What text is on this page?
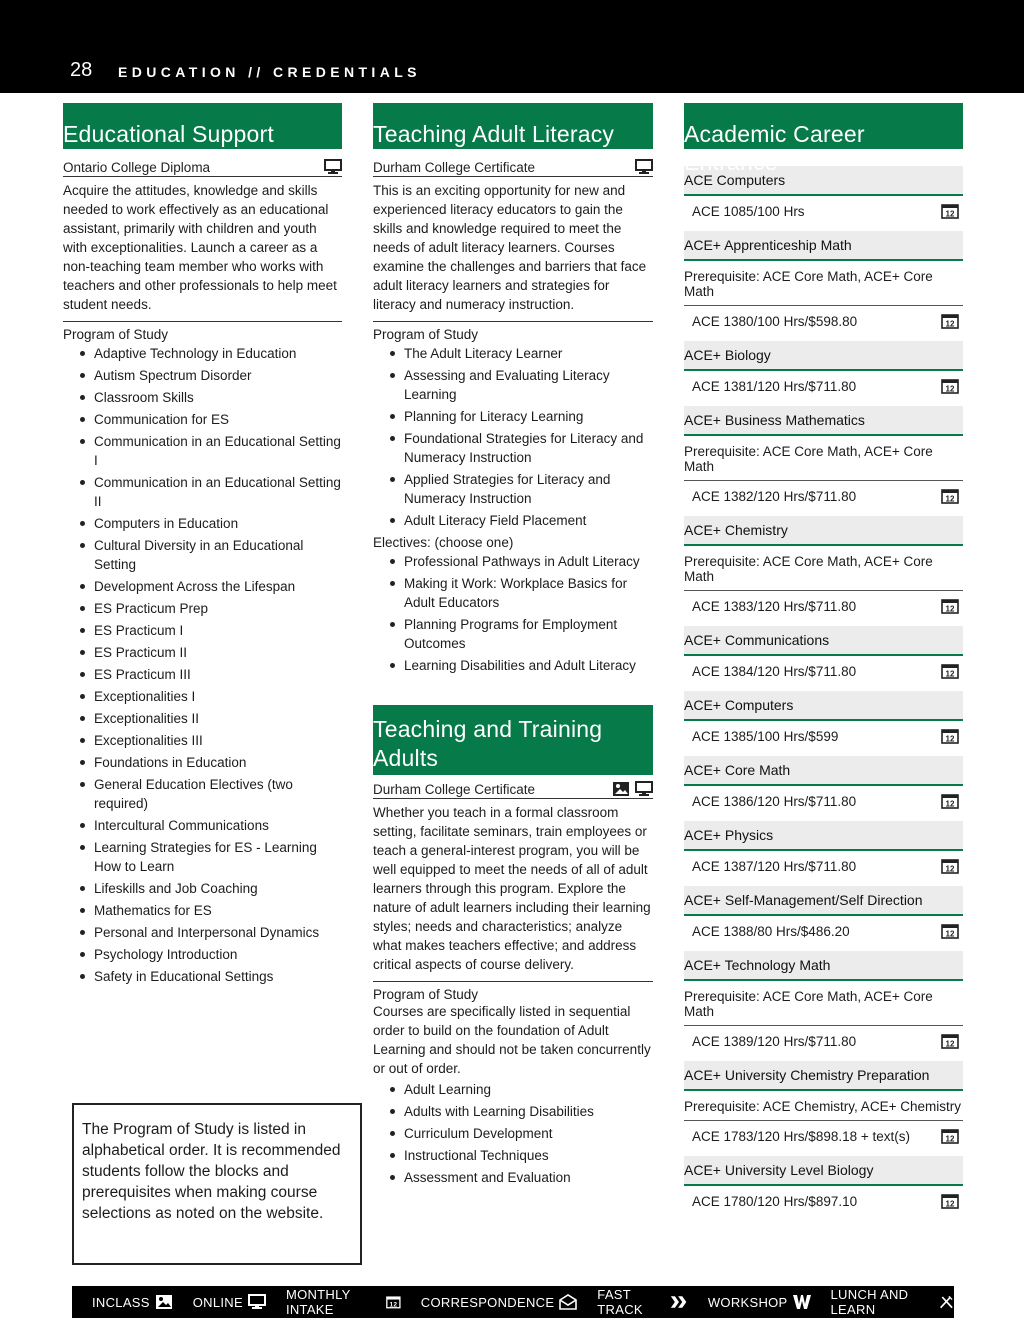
28 EDUCATION // CREDENTIALS
Educational Support
Ontario College Diploma
Acquire the attitudes, knowledge and skills needed to work effectively as an educational assistant, primarily with children and youth with exceptionalities. Launch a career as a non-teaching team member who works with teachers and other professionals to help meet student needs.
Program of Study
Adaptive Technology in Education
Autism Spectrum Disorder
Classroom Skills
Communication for ES
Communication in an Educational Setting I
Communication in an Educational Setting II
Computers in Education
Cultural Diversity in an Educational Setting
Development Across the Lifespan
ES Practicum Prep
ES Practicum I
ES Practicum II
ES Practicum III
Exceptionalities I
Exceptionalities II
Exceptionalities III
Foundations in Education
General Education Electives (two required)
Intercultural Communications
Learning Strategies for ES - Learning How to Learn
Lifeskills and Job Coaching
Mathematics for ES
Personal and Interpersonal Dynamics
Psychology Introduction
Safety in Educational Settings
The Program of Study is listed in alphabetical order. It is recommended students follow the blocks and prerequisites when making course selections as noted on the website.
Teaching Adult Literacy
Durham College Certificate
This is an exciting opportunity for new and experienced literacy educators to gain the skills and knowledge required to meet the needs of adult literacy learners. Courses examine the challenges and barriers that face adult literacy learners and strategies for literacy and numeracy instruction.
Program of Study
The Adult Literacy Learner
Assessing and Evaluating Literacy Learning
Planning for Literacy Learning
Foundational Strategies for Literacy and Numeracy Instruction
Applied Strategies for Literacy and Numeracy Instruction
Adult Literacy Field Placement
Electives: (choose one)
Professional Pathways in Adult Literacy
Making it Work: Workplace Basics for Adult Educators
Planning Programs for Employment Outcomes
Learning Disabilities and Adult Literacy
Teaching and Training Adults
Durham College Certificate
Whether you teach in a formal classroom setting, facilitate seminars, train employees or teach a general-interest program, you will be well equipped to meet the needs of all of adult learners through this program. Explore the nature of adult learners including their learning styles; needs and characteristics; analyze what makes teachers effective; and address critical aspects of course delivery.
Program of Study
Courses are specifically listed in sequential order to build on the foundation of Adult Learning and should not be taken concurrently or out of order.
Adult Learning
Adults with Learning Disabilities
Curriculum Development
Instructional Techniques
Assessment and Evaluation
Academic Career Entrance
ACE Computers
ACE 1085/100 Hrs	12
ACE+ Apprenticeship Math
Prerequisite: ACE Core Math, ACE+ Core Math
ACE 1380/100 Hrs/$598.80	12
ACE+ Biology
ACE 1381/120 Hrs/$711.80	12
ACE+ Business Mathematics
Prerequisite: ACE Core Math, ACE+ Core Math
ACE 1382/120 Hrs/$711.80	12
ACE+ Chemistry
Prerequisite: ACE Core Math, ACE+ Core Math
ACE 1383/120 Hrs/$711.80	12
ACE+ Communications
ACE 1384/120 Hrs/$711.80	12
ACE+ Computers
ACE 1385/100 Hrs/$599	12
ACE+ Core Math
ACE 1386/120 Hrs/$711.80	12
ACE+ Physics
ACE 1387/120 Hrs/$711.80	12
ACE+ Self-Management/Self Direction
ACE 1388/80 Hrs/$486.20	12
ACE+ Technology Math
Prerequisite: ACE Core Math, ACE+ Core Math
ACE 1389/120 Hrs/$711.80	12
ACE+ University Chemistry Preparation
Prerequisite: ACE Chemistry, ACE+ Chemistry
ACE 1783/120 Hrs/$898.18 + text(s)	12
ACE+ University Level Biology
ACE 1780/120 Hrs/$897.10	12
INCLASS	ONLINE	MONTHLY INTAKE	12 CORRESPONDENCE	FAST TRACK	WORKSHOP	LUNCH AND LEARN
